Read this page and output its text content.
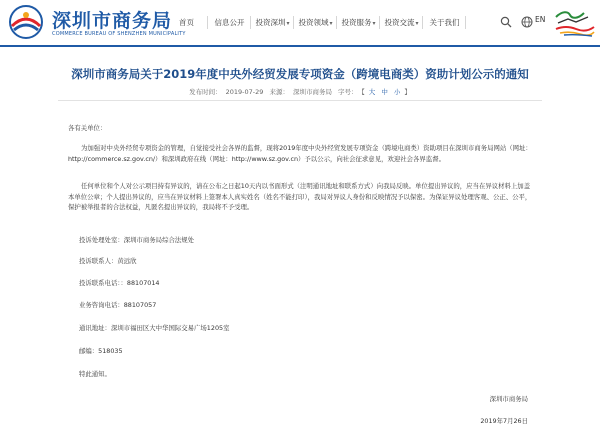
深圳市商务局
COMMERCE BUREAU OF SHENZHEN MUNICIPALITY
首页	信息公开	投资深圳▾	投资领域▾	投资服务▾	投资交流▾	关于我们	EN
深圳市商务局关于2019年度中央外经贸发展专项资金（跨境电商类）资助计划公示的通知
发布时间： 2019-07-29 来源： 深圳市商务局 字号： 【 大 中 小 】
各有关单位：
为加强对中央外经贸专项资金的管理，自觉接受社会各界的监督，现将2019年度中央外经贸发展专项资金（跨境电商类）资助项目在深圳市商务局网站（网址：http://commerce.sz.gov.cn/）和深圳政府在线（网址：http://www.sz.gov.cn）予以公示，向社会征求意见，欢迎社会各界监督。
任何单位和个人对公示项目持有异议的，请在公布之日起10天内以书面形式（注明通讯地址和联系方式）向我局反映。单位提出异议的，应当在异议材料上加盖本单位公章；个人提出异议的，应当在异议材料上签署本人真实姓名（姓名不能打印），我局对异议人身份和反映情况予以保密。为保证异议处理客观、公正、公平，保护被举报者的合法权益，凡匿名提出异议的，我局将不予受理。
投诉处理处室：深圳市商务局综合法规处
投诉联系人：黄远欣
投诉联系电话：：88107014
业务咨询电话：88107057
通讯地址：深圳市福田区大中华国际交易广场1205室
邮编：518035
特此通知。
深圳市商务局
2019年7月26日
